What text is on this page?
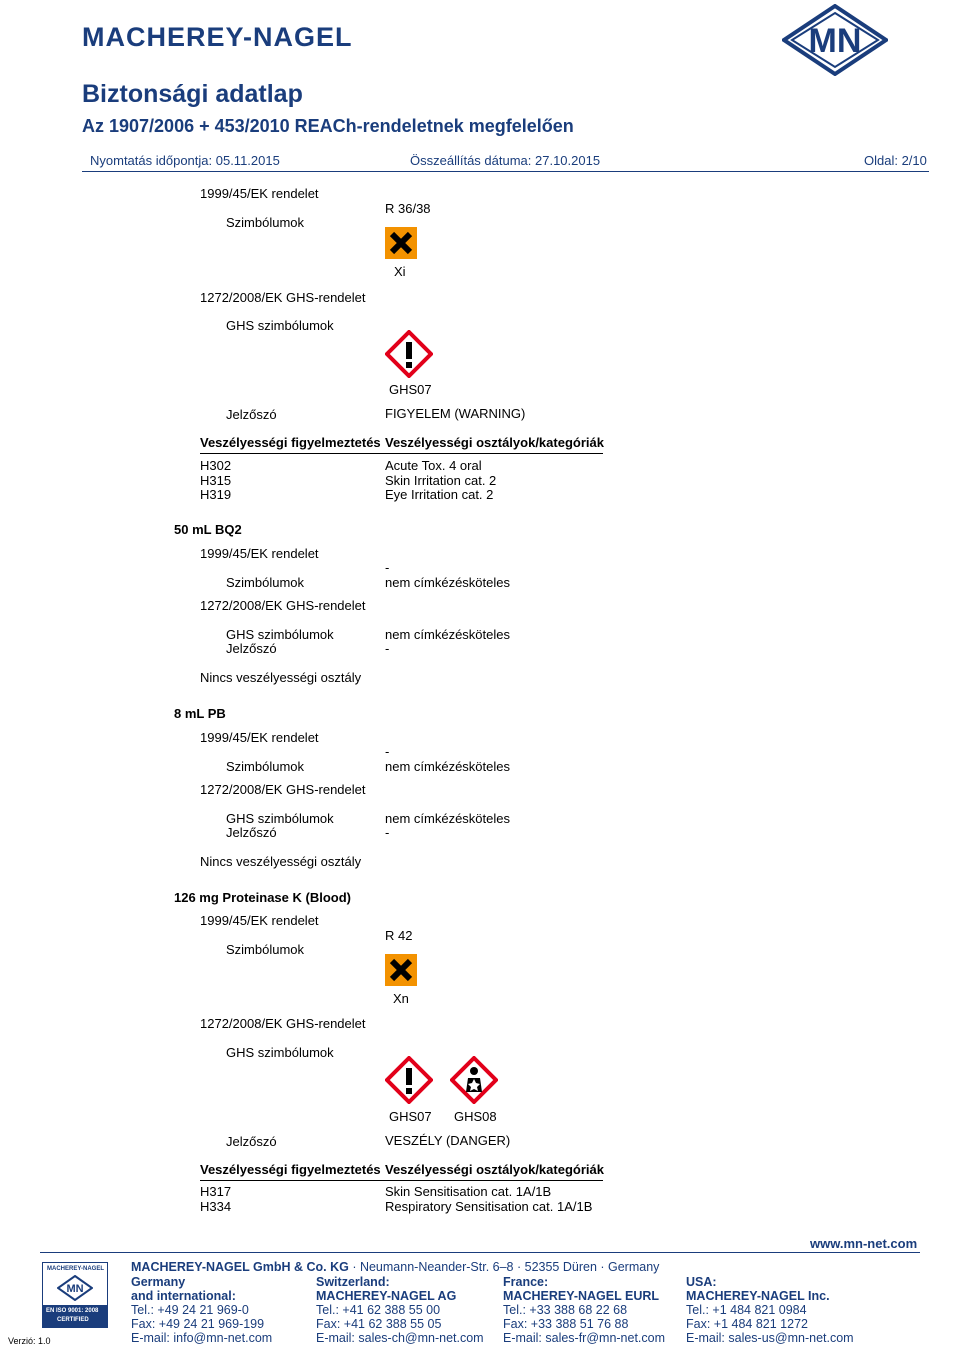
MACHEREY-NAGEL	MN
Biztonsági adatlap
Az 1907/2006 + 453/2010 REACh-rendeletnek megfelelően
Nyomtatás időpontja: 05.11.2015	Összeállítás dátuma: 27.10.2015	Oldal: 2/10
1999/45/EK rendelet
Szimbólumok
R 36/38
Xi
1272/2008/EK GHS-rendelet
GHS szimbólumok
GHS07
Jelzőszó	FIGYELEM (WARNING)
Veszélyességi figyelmeztetés Veszélyességi osztályok/kategóriák
H302	Acute Tox. 4 oral
H315	Skin Irritation cat. 2
H319	Eye Irritation cat. 2
50 mL BQ2
1999/45/EK rendelet
-
Szimbólumok	nem címkézésköteles
1272/2008/EK GHS-rendelet
GHS szimbólumok	nem címkézésköteles
Jelzőszó	-
Nincs veszélyességi osztály
8 mL PB
1999/45/EK rendelet
-
Szimbólumok	nem címkézésköteles
1272/2008/EK GHS-rendelet
GHS szimbólumok	nem címkézésköteles
Jelzőszó	-
Nincs veszélyességi osztály
126 mg Proteinase K (Blood)
1999/45/EK rendelet
R 42
Szimbólumok
Xn
1272/2008/EK GHS-rendelet
GHS szimbólumok
GHS07 GHS08
Jelzőszó	VESZÉLY (DANGER)
Veszélyességi figyelmeztetés Veszélyességi osztályok/kategóriák
H317	Skin Sensitisation cat. 1A/1B
H334	Respiratory Sensitisation cat. 1A/1B
www.mn-net.com
MACHEREY-NAGEL
MN
EN ISO 9001: 2008
CERTIFIED
Verzió: 1.0
MACHEREY-NAGEL GmbH & Co. KG · Neumann-Neander-Str. 6–8 · 52355 Düren · Germany
Germany
and international:
Tel.: +49 24 21 969-0
Fax: +49 24 21 969-199
E-mail: info@mn-net.com
Switzerland:
MACHEREY-NAGEL AG
Tel.: +41 62 388 55 00
Fax: +41 62 388 55 05
E-mail: sales-ch@mn-net.com
France:
MACHEREY-NAGEL EURL
Tel.: +33 388 68 22 68
Fax: +33 388 51 76 88
E-mail: sales-fr@mn-net.com
USA:
MACHEREY-NAGEL Inc.
Tel.: +1 484 821 0984
Fax: +1 484 821 1272
E-mail: sales-us@mn-net.com
